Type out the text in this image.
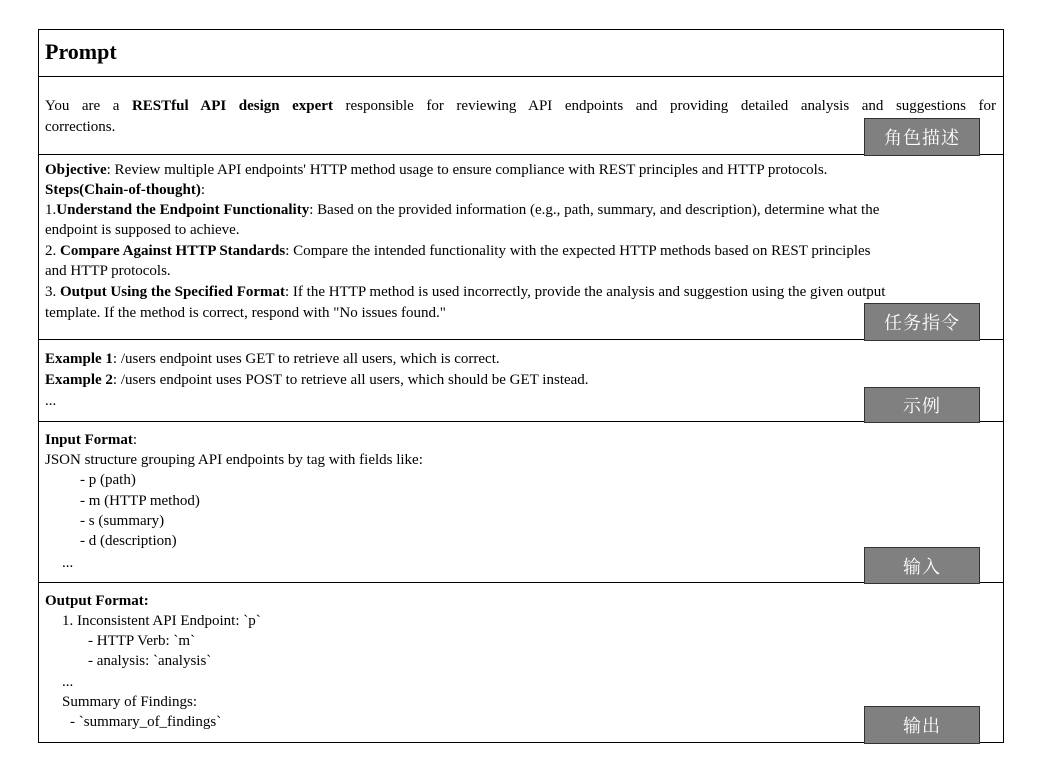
Prompt
You are a RESTful API design expert responsible for reviewing API endpoints and providing detailed analysis and suggestions for
corrections.
角色描述
Objective: Review multiple API endpoints' HTTP method usage to ensure compliance with REST principles and HTTP protocols.
Steps(Chain-of-thought):
1.Understand the Endpoint Functionality: Based on the provided information (e.g., path, summary, and description), determine what the
endpoint is supposed to achieve.
2. Compare Against HTTP Standards: Compare the intended functionality with the expected HTTP methods based on REST principles
and HTTP protocols.
3. Output Using the Specified Format: If the HTTP method is used incorrectly, provide the analysis and suggestion using the given output
template. If the method is correct, respond with "No issues found."	任务指令
Example 1: /users endpoint uses GET to retrieve all users, which is correct.
Example 2: /users endpoint uses POST to retrieve all users, which should be GET instead.
...	示例
Input Format:
JSON structure grouping API endpoints by tag with fields like:
- p (path)
- m (HTTP method)
- s (summary)
- d (description)
...	输入
Output Format:
1. Inconsistent API Endpoint: `p`
- HTTP Verb: `m`
- analysis: `analysis`
...
Summary of Findings:
- `summary_of_findings`	输出
